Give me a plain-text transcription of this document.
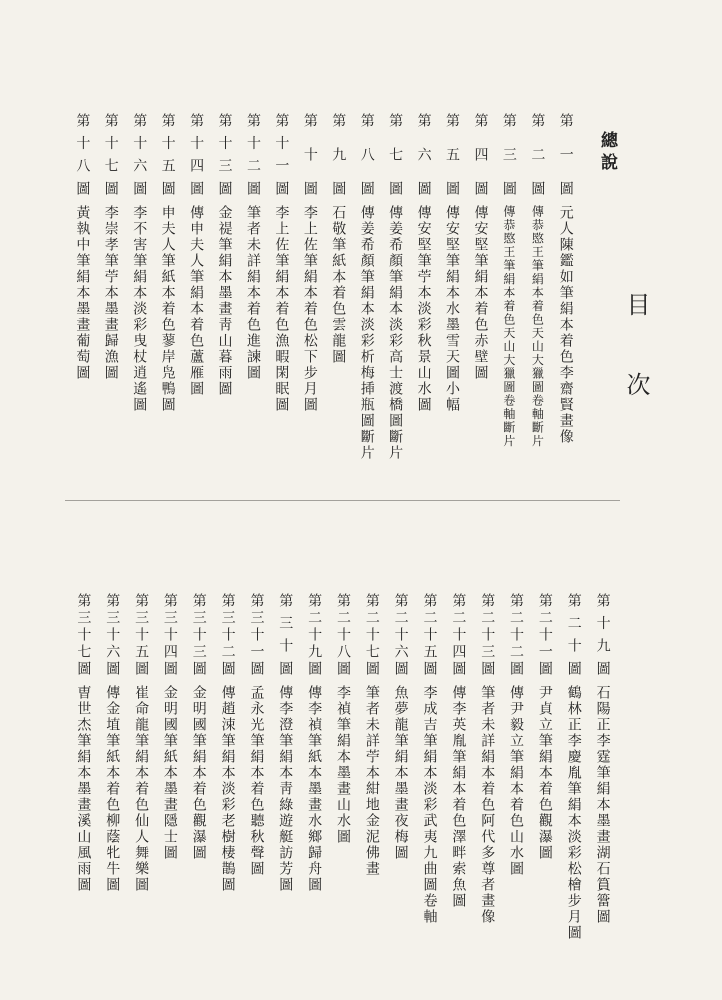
目次
總說
第一圖
元人陳鑑如筆絹本着色李齋賢畫像
第二圖
傳恭愍王筆絹本着色天山大獵圖卷軸斷片
第三圖
傳恭愍王筆絹本着色天山大獵圖卷軸斷片
第四圖
傳安堅筆絹本着色赤壁圖
第五圖
傳安堅筆絹本水墨雪天圖小幅
第六圖
傳安堅筆苧本淡彩秋景山水圖
第七圖
傳姜希顏筆絹本淡彩高士渡橋圖斷片
第八圖
傳姜希顏筆絹本淡彩析梅揷瓶圖斷片
第九圖
石敬筆紙本着色雲龍圖
第十圖
李上佐筆絹本着色松下步月圖
第十一圖
李上佐筆絹本着色漁暇閑眠圖
第十二圖
筆者未詳絹本着色進諫圖
第十三圖
金禔筆絹本墨畫靑山暮雨圖
第十四圖
傳申夫人筆絹本着色蘆雁圖
第十五圖
申夫人筆紙本着色蓼岸凫鴨圖
第十六圖
李不害筆絹本淡彩曳杖逍遙圖
第十七圖
李崇孝筆苧本墨畫歸漁圖
第十八圖
黃執中筆絹本墨畫葡萄圖
第十九圖
石陽正李霆筆絹本墨畫湖石篔簹圖
第二十圖
鶴林正李慶胤筆絹本淡彩松檜步月圖
第二十一圖
尹貞立筆絹本着色觀瀑圖
第二十二圖
傳尹毅立筆絹本着色山水圖
第二十三圖
筆者未詳絹本着色阿代多尊者畫像
第二十四圖
傳李英胤筆絹本着色澤畔索魚圖
第二十五圖
李成吉筆絹本淡彩武夷九曲圖卷軸
第二十六圖
魚夢龍筆絹本墨畫夜梅圖
第二十七圖
筆者未詳苧本紺地金泥佛畫
第二十八圖
李禎筆絹本墨畫山水圖
第二十九圖
傳李禎筆紙本墨畫水鄉歸舟圖
第三十圖
傳李澄筆絹本靑綠遊艇訪芳圖
第三十一圖
孟永光筆絹本着色聽秋聲圖
第三十二圖
傳趙涑筆絹本淡彩老樹棲鵲圖
第三十三圖
金明國筆絹本着色觀瀑圖
第三十四圖
金明國筆紙本墨畫隱士圖
第三十五圖
崔命龍筆絹本着色仙人舞樂圖
第三十六圖
傳金埴筆紙本着色柳蔭牝牛圖
第三十七圖
曺世杰筆絹本墨畫溪山風雨圖
